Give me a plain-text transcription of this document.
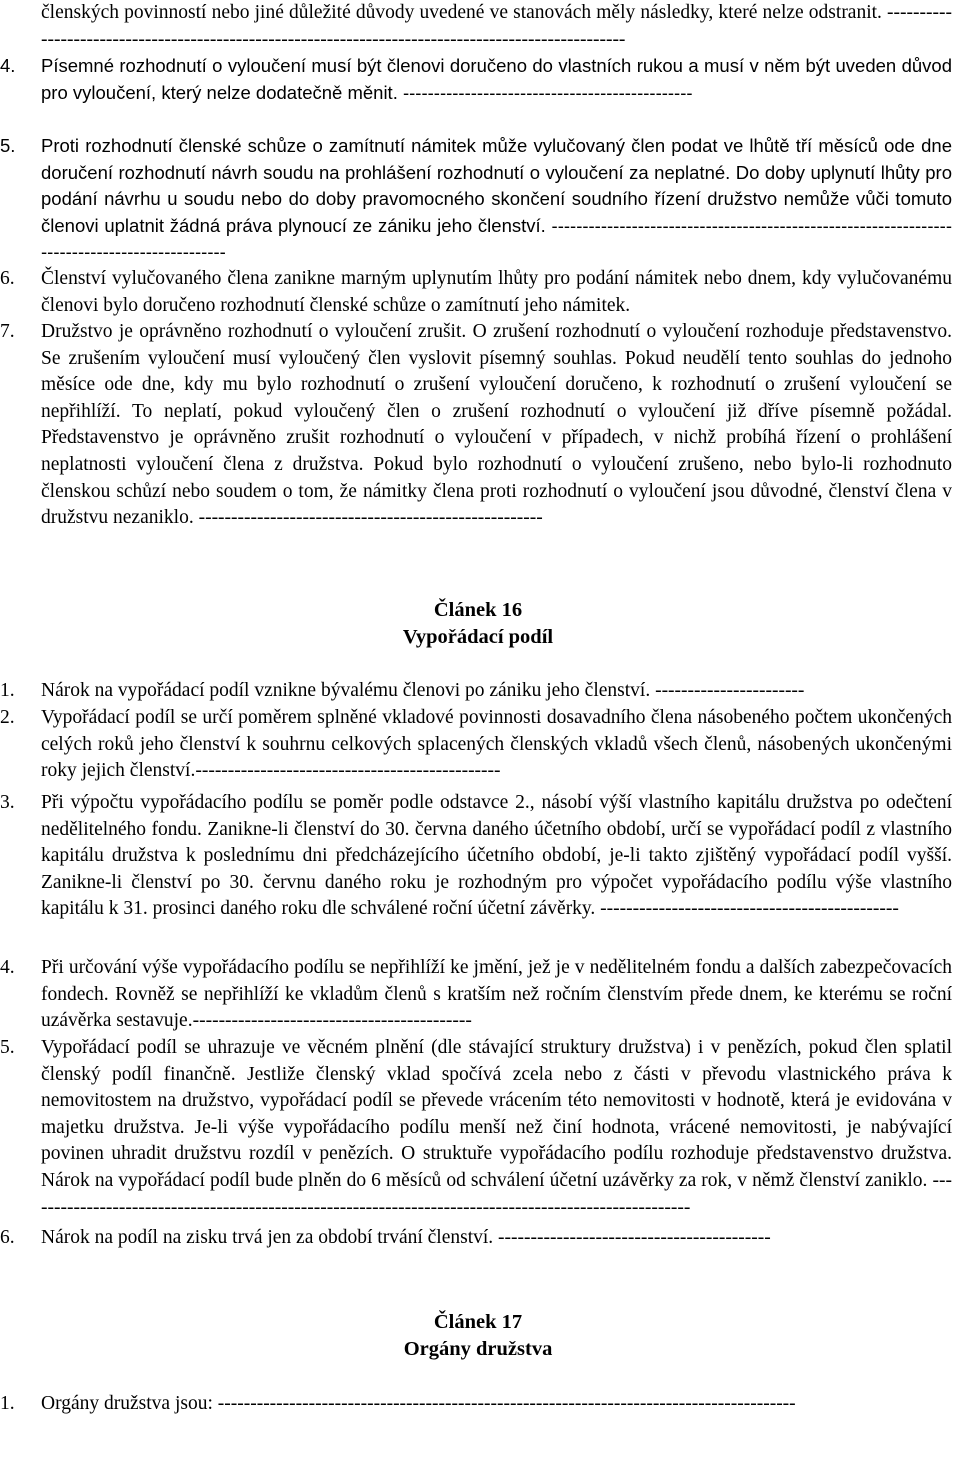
členských povinností nebo jiné důležité důvody uvedené ve stanovách měly následky, které nelze odstranit. ----------------------------------------------------------------------------------------------------

4. Písemné rozhodnutí o vyloučení musí být členovi doručeno do vlastních rukou a musí v něm být uveden důvod pro vyloučení, který nelze dodatečně měnit. -----------------------------------------------
5. Proti rozhodnutí členské schůze o zamítnutí námitek může vylučovaný člen podat ve lhůtě tří měsíců ode dne doručení rozhodnutí návrh soudu na prohlášení rozhodnutí o vyloučení za neplatné. Do doby uplynutí lhůty pro podání návrhu u soudu nebo do doby pravomocného skončení soudního řízení družstvo nemůže vůči tomuto členovi uplatnit žádná práva plynoucí ze zániku jeho členství. -----------------------------------------------------------------------------------------------
6. Členství vylučovaného člena zanikne marným uplynutím lhůty pro podání námitek nebo dnem, kdy vylučovanému členovi bylo doručeno rozhodnutí členské schůze o zamítnutí jeho námitek.
7. Družstvo je oprávněno rozhodnutí o vyloučení zrušit. O zrušení rozhodnutí o vyloučení rozhoduje představenstvo. Se zrušením vyloučení musí vyloučený člen vyslovit písemný souhlas. Pokud neudělí tento souhlas do jednoho měsíce ode dne, kdy mu bylo rozhodnutí o zrušení vyloučení doručeno, k rozhodnutí o zrušení vyloučení se nepřihlíží. To neplatí, pokud vyloučený člen o zrušení rozhodnutí o vyloučení již dříve písemně požádal. Představenstvo je oprávněno zrušit rozhodnutí o vyloučení v případech, v nichž probíhá řízení o prohlášení neplatnosti vyloučení člena z družstva. Pokud bylo rozhodnutí o vyloučení zrušeno, nebo bylo-li rozhodnuto členskou schůzí nebo soudem o tom, že námitky člena proti rozhodnutí o vyloučení jsou důvodné, členství člena v družstvu nezaniklo. -----------------------------------------------------
Článek 16
Vypořádací podíl
1. Nárok na vypořádací podíl vznikne bývalému členovi po zániku jeho členství. -----------------------
2. Vypořádací podíl se určí poměrem splněné vkladové povinnosti dosavadního člena násobeného počtem ukončených celých roků jeho členství k souhrnu celkových splacených členských vkladů všech členů, násobených ukončenými roky jejich členství.-----------------------------------------------
3. Při výpočtu vypořádacího podílu se poměr podle odstavce 2., násobí výší vlastního kapitálu družstva po odečtení nedělitelného fondu. Zanikne-li členství do 30. června daného účetního období, určí se vypořádací podíl z vlastního kapitálu družstva k poslednímu dni předcházejícího účetního období, je-li takto zjištěný vypořádací podíl vyšší. Zanikne-li členství po 30. červnu daného roku je rozhodným pro výpočet vypořádacího podílu výše vlastního kapitálu k 31. prosinci daného roku dle schválené roční účetní závěrky. ----------------------------------------------
4. Při určování výše vypořádacího podílu se nepřihlíží ke jmění, jež je v nedělitelném fondu a dalších zabezpečovacích fondech. Rovněž se nepřihlíží ke vkladům členů s kratším než ročním členstvím přede dnem, ke kterému se roční uzávěrka sestavuje.-------------------------------------------
5. Vypořádací podíl se uhrazuje ve věcném plnění (dle stávající struktury družstva) i v penězích, pokud člen splatil členský podíl finančně. Jestliže členský vklad spočívá zcela nebo z části v převodu vlastnického práva k nemovitostem na družstvo, vypořádací podíl se převede vrácením této nemovitosti v hodnotě, která je evidována v majetku družstva. Je-li výše vypořádacího podílu menší než činí hodnota, vrácené nemovitosti, je nabývající povinen uhradit družstvu rozdíl v penězích. O struktuře vypořádacího podílu rozhoduje představenstvo družstva. Nárok na vypořádací podíl bude plněn do 6 měsíců od schválení účetní uzávěrky za rok, v němž členství zaniklo. -------------------------------------------------------------------------------------------------------
6. Nárok na podíl na zisku trvá jen za období trvání členství. ------------------------------------------
Článek 17
Orgány družstva
1. Orgány družstva jsou: -----------------------------------------------------------------------------------------
